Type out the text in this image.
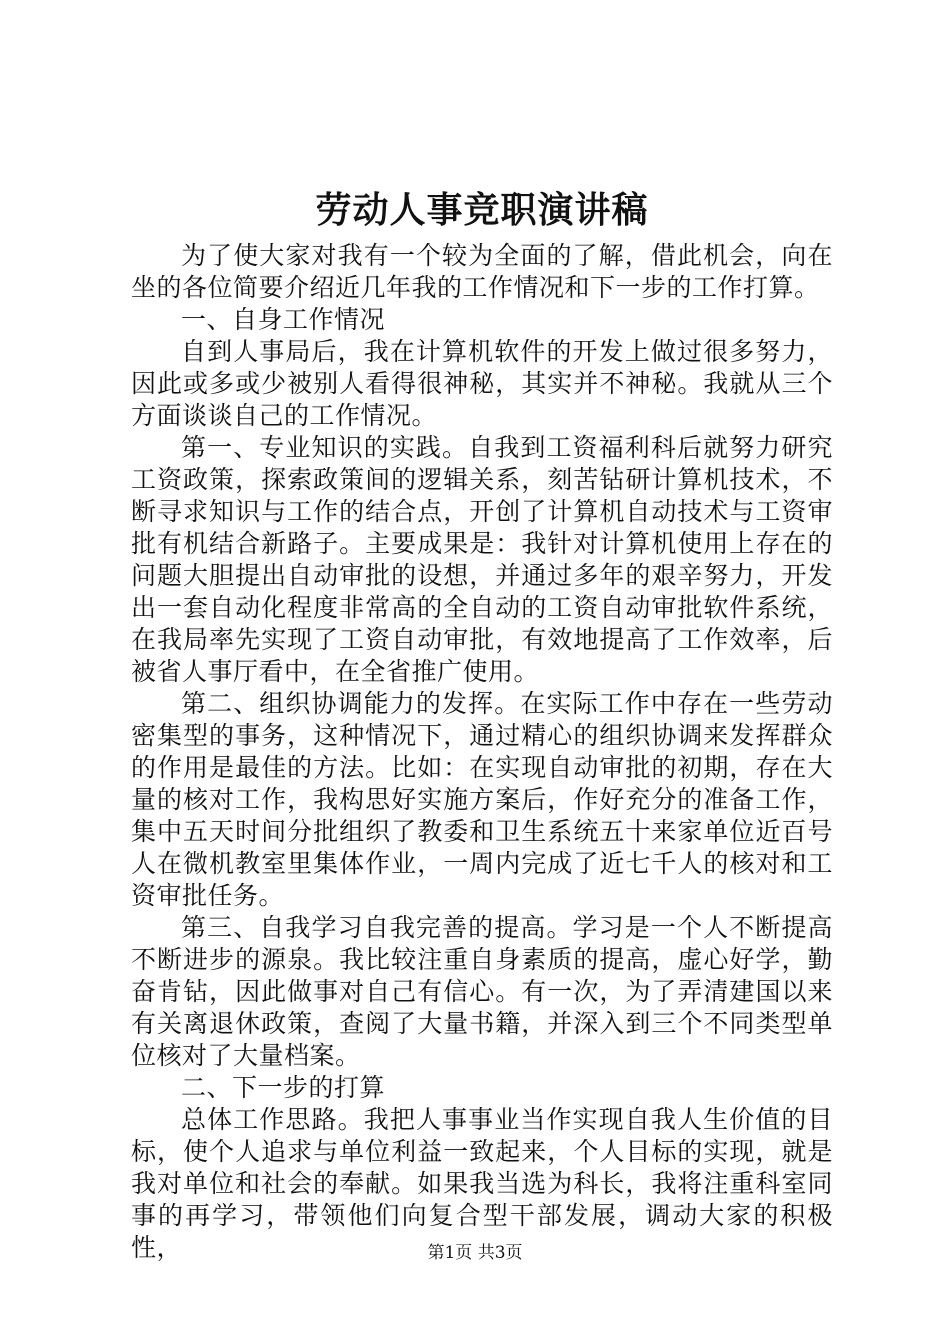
劳动人事竞职演讲稿

为了使大家对我有一个较为全面的了解，借此机会，向在坐的各位简要介绍近几年我的工作情况和下一步的工作打算。

一、自身工作情况

自到人事局后，我在计算机软件的开发上做过很多努力，因此或多或少被别人看得很神秘，其实并不神秘。我就从三个方面谈谈自己的工作情况。

第一、专业知识的实践。自我到工资福利科后就努力研究工资政策，探索政策间的逻辑关系，刻苦钻研计算机技术，不断寻求知识与工作的结合点，开创了计算机自动技术与工资审批有机结合新路子。主要成果是：我针对计算机使用上存在的问题大胆提出自动审批的设想，并通过多年的艰辛努力，开发出一套自动化程度非常高的全自动的工资自动审批软件系统，在我局率先实现了工资自动审批，有效地提高了工作效率，后被省人事厅看中，在全省推广使用。

第二、组织协调能力的发挥。在实际工作中存在一些劳动密集型的事务，这种情况下，通过精心的组织协调来发挥群众的作用是最佳的方法。比如：在实现自动审批的初期，存在大量的核对工作，我构思好实施方案后，作好充分的准备工作，集中五天时间分批组织了教委和卫生系统五十来家单位近百号人在微机教室里集体作业，一周内完成了近七千人的核对和工资审批任务。

第三、自我学习自我完善的提高。学习是一个人不断提高不断进步的源泉。我比较注重自身素质的提高，虚心好学，勤奋肯钻，因此做事对自己有信心。有一次，为了弄清建国以来有关离退休政策，查阅了大量书籍，并深入到三个不同类型单位核对了大量档案。

二、下一步的打算

总体工作思路。我把人事事业当作实现自我人生价值的目标，使个人追求与单位利益一致起来，个人目标的实现，就是我对单位和社会的奉献。如果我当选为科长，我将注重科室同事的再学习，带领他们向复合型干部发展，调动大家的积极性，	第1页 共3页
